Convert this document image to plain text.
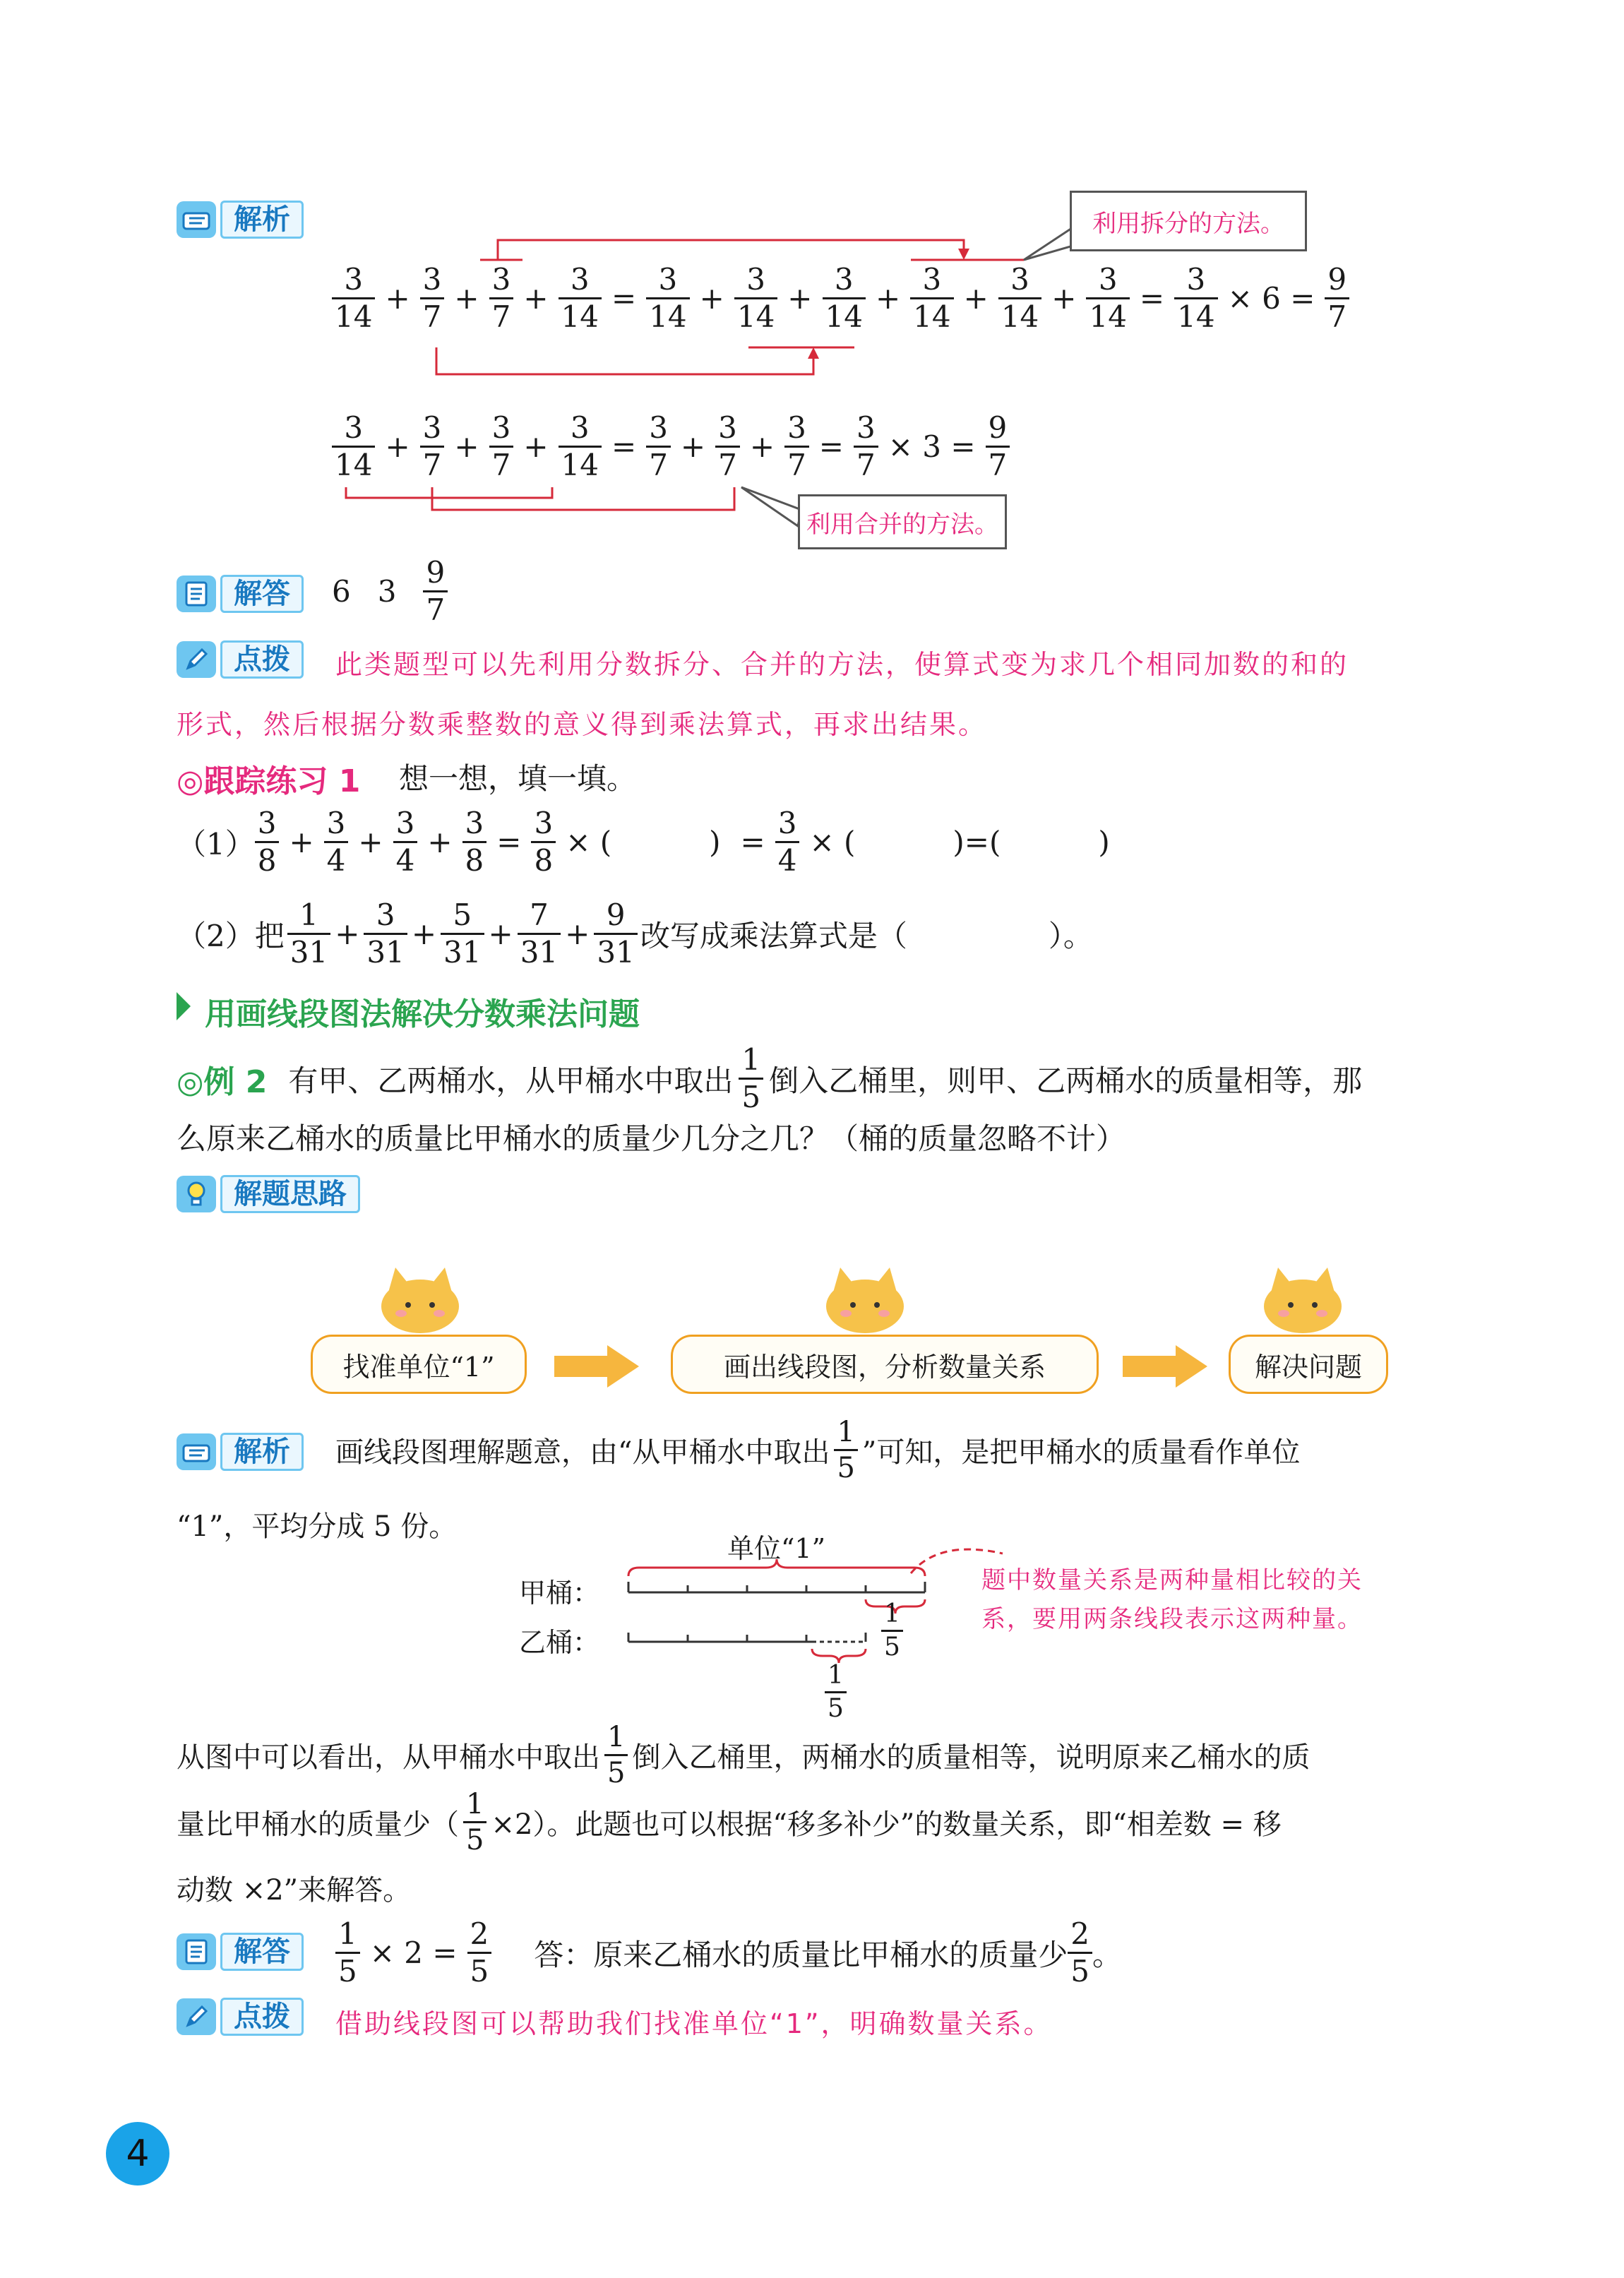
解析	利用拆分的方法。
$\frac{3}{14} + \frac{3}{7} + \frac{3}{7} + \frac{3}{14} = \frac{3}{14} + \frac{3}{14} + \frac{3}{14} + \frac{3}{14} + \frac{3}{14} + \frac{3}{14} = \frac{3}{14} \times 6 = \frac{9}{7}$
$\frac{3}{14} + \frac{3}{7} + \frac{3}{7} + \frac{3}{14} = \frac{3}{7} + \frac{3}{7} + \frac{3}{7} = \frac{3}{7} \times 3 = \frac{9}{7}$
利用合并的方法。
解答	6 $3 \frac{9}{7}$
点拨	此类题型可以先利用分数拆分、合并的方法，使算式变为求几个相同加数的和的
形式，然后根据分数乘整数的意义得到乘法算式，再求出结果。
◎跟踪练习 1 想一想，填一填。
$(1) \frac{3}{8} + \frac{3}{4} + \frac{3}{4} + \frac{3}{8} = \frac{3}{8}$ × (	) = $\frac{3}{4}$ × (	)=(	)
（2）把 $\frac{1}{31} + \frac{3}{31} + \frac{5}{31} + \frac{7}{31} + \frac{9}{31}$ 改写成乘法算式是（	）。
用画线段图法解决分数乘法问题
◎例 2 有甲、乙两桶水，从甲桶水中取出 $\frac{1}{5}$ 倒入乙桶里，则甲、乙两桶水的质量相等，那
么原来乙桶水的质量比甲桶水的质量少几分之几？（桶的质量忽略不计）
解题思路
找准单位“1”	画出线段图，分析数量关系	解决问题
解析	画线段图理解题意，由“从甲桶水中取出 $\frac{1}{5}$ ”可知，是把甲桶水的质量看作单位
“1”，平均分成 5 份。
单位“1”
甲桶：
乙桶：	$\frac{1}{5}$
$\frac{1}{5}$
题中数量关系是两种量相比较的关
系，要用两条线段表示这两种量。
从图中可以看出，从甲桶水中取出 $\frac{1}{5}$ 倒入乙桶里，两桶水的质量相等，说明原来乙桶水的质
量比甲桶水的质量少（ $\frac{1}{5} \times 2$）。此题也可以根据“移多补少”的数量关系，即“相差数 = 移
动数 ×2”来解答。
解答	$\frac{1}{5} \times 2 = \frac{2}{5}$ 答：原来乙桶水的质量比甲桶水的质量少 $\frac{2}{5}$ 。
点拨	借助线段图可以帮助我们找准单位“1”，明确数量关系。
4
